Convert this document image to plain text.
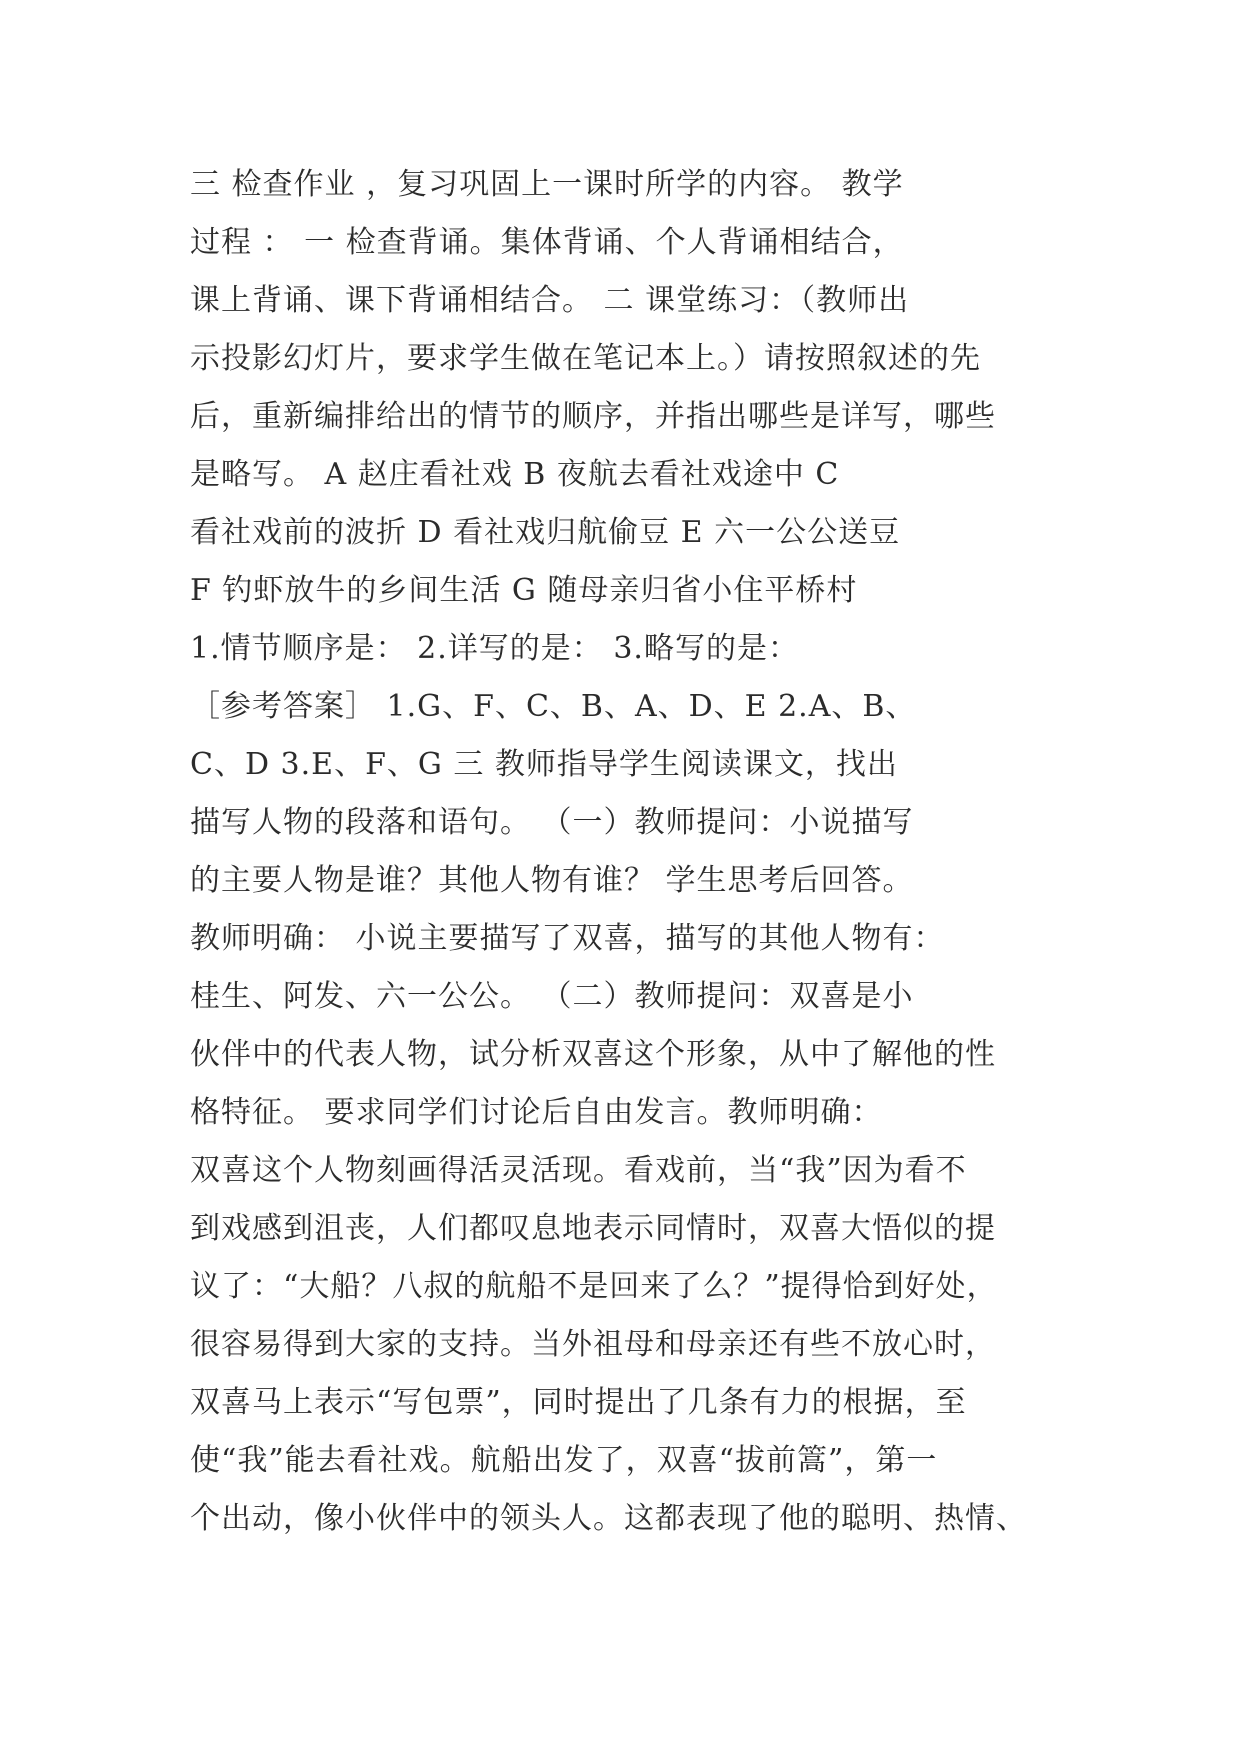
三 检查作业 ，复习巩固上一课时所学的内容。 教学
过程 ： 一 检查背诵。集体背诵、个人背诵相结合，
课上背诵、课下背诵相结合。 二 课堂练习：（教师出
示投影幻灯片，要求学生做在笔记本上。）请按照叙述的先
后，重新编排给出的情节的顺序，并指出哪些是详写，哪些
是略写。 A 赵庄看社戏 B 夜航去看社戏途中 C
看社戏前的波折 D 看社戏归航偷豆 E 六一公公送豆
F 钓虾放牛的乡间生活 G 随母亲归省小住平桥村
1.情节顺序是： 2.详写的是： 3.略写的是：
［参考答案］ 1.G、F、C、B、A、D、E 2.A、B、
C、D 3.E、F、G 三 教师指导学生阅读课文，找出
描写人物的段落和语句。 （一）教师提问：小说描写
的主要人物是谁？其他人物有谁？ 学生思考后回答。
教师明确： 小说主要描写了双喜，描写的其他人物有：
桂生、阿发、六一公公。 （二）教师提问：双喜是小
伙伴中的代表人物，试分析双喜这个形象，从中了解他的性
格特征。 要求同学们讨论后自由发言。教师明确：
双喜这个人物刻画得活灵活现。看戏前，当“我”因为看不
到戏感到沮丧，人们都叹息地表示同情时，双喜大悟似的提
议了：“大船？八叔的航船不是回来了么？”提得恰到好处，
很容易得到大家的支持。当外祖母和母亲还有些不放心时，
双喜马上表示“写包票”，同时提出了几条有力的根据，至
使“我”能去看社戏。航船出发了，双喜“拔前篙”，第一
个出动，像小伙伴中的领头人。这都表现了他的聪明、热情、
